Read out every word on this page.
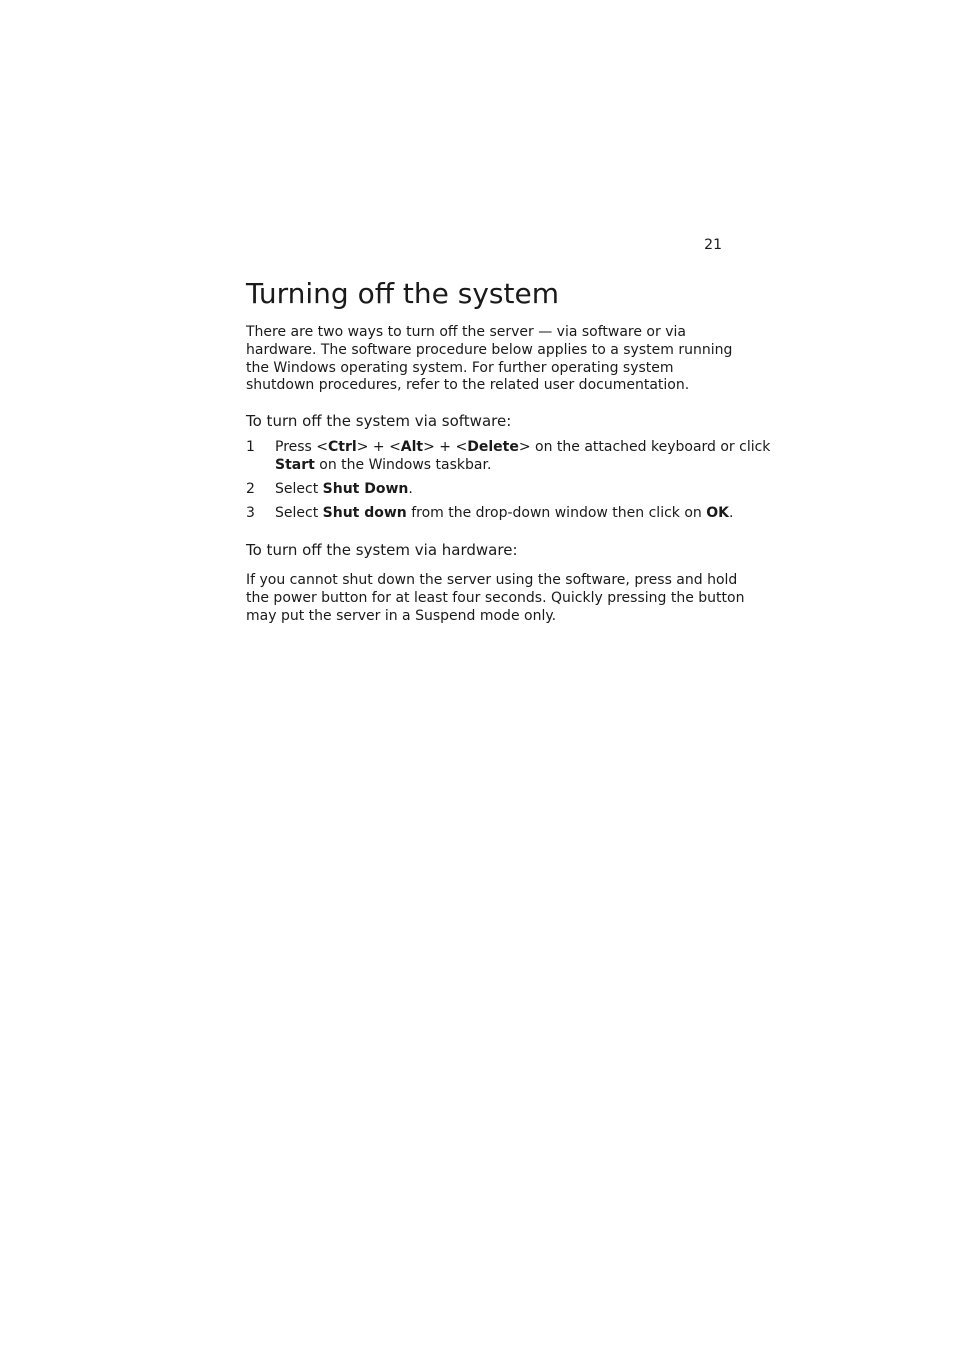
21
Turning off the system

There are two ways to turn off the server — via software or via
hardware. The software procedure below applies to a system running
the Windows operating system. For further operating system
shutdown procedures, refer to the related user documentation.

To turn off the system via software:
1 Press <Ctrl> + <Alt> + <Delete> on the attached keyboard or click
Start on the Windows taskbar.
2 Select Shut Down.
3 Select Shut down from the drop-down window then click on OK.
To turn off the system via hardware:

If you cannot shut down the server using the software, press and hold
the power button for at least four seconds. Quickly pressing the button
may put the server in a Suspend mode only.
